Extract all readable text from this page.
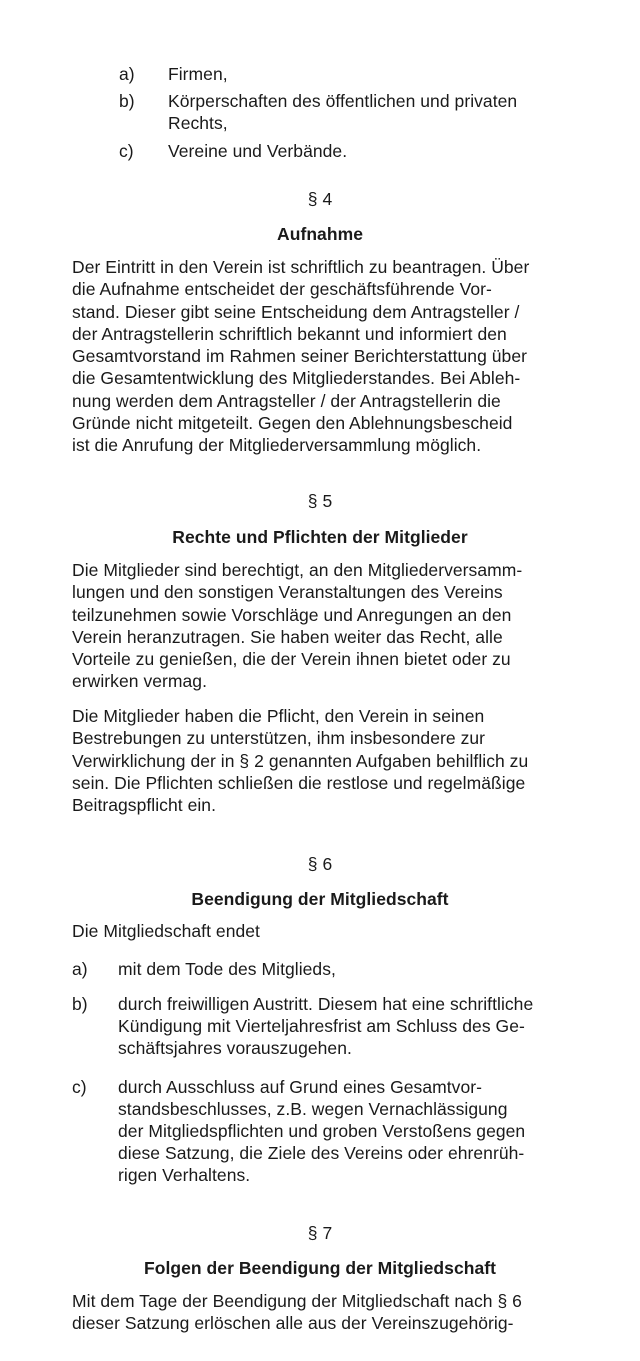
a) Firmen,
b) Körperschaften des öffentlichen und privaten
Rechts,
c) Vereine und Verbände.
§ 4
Aufnahme
Der Eintritt in den Verein ist schriftlich zu beantragen. Über
die Aufnahme entscheidet der geschäftsführende Vor-
stand. Dieser gibt seine Entscheidung dem Antragsteller /
der Antragstellerin schriftlich bekannt und informiert den
Gesamtvorstand im Rahmen seiner Berichterstattung über
die Gesamtentwicklung des Mitgliederstandes. Bei Ableh-
nung werden dem Antragsteller / der Antragstellerin die
Gründe nicht mitgeteilt. Gegen den Ablehnungsbescheid
ist die Anrufung der Mitgliederversammlung möglich.
§ 5
Rechte und Pflichten der Mitglieder
Die Mitglieder sind berechtigt, an den Mitgliederversamm-
lungen und den sonstigen Veranstaltungen des Vereins
teilzunehmen sowie Vorschläge und Anregungen an den
Verein heranzutragen. Sie haben weiter das Recht, alle
Vorteile zu genießen, die der Verein ihnen bietet oder zu
erwirken vermag.
Die Mitglieder haben die Pflicht, den Verein in seinen
Bestrebungen zu unterstützen, ihm insbesondere zur
Verwirklichung der in § 2 genannten Aufgaben behilflich zu
sein. Die Pflichten schließen die restlose und regelmäßige
Beitragspflicht ein.
§ 6
Beendigung der Mitgliedschaft
Die Mitgliedschaft endet
a) mit dem Tode des Mitglieds,
b) durch freiwilligen Austritt. Diesem hat eine schriftliche
Kündigung mit Vierteljahresfrist am Schluss des Ge-
schäftsjahres vorauszugehen.
c) durch Ausschluss auf Grund eines Gesamtvor-
standsbeschlusses, z.B. wegen Vernachlässigung
der Mitgliedspflichten und groben Verstoßens gegen
diese Satzung, die Ziele des Vereins oder ehrenrüh-
rigen Verhaltens.
§ 7
Folgen der Beendigung der Mitgliedschaft
Mit dem Tage der Beendigung der Mitgliedschaft nach § 6
dieser Satzung erlöschen alle aus der Vereinszugehörig-
